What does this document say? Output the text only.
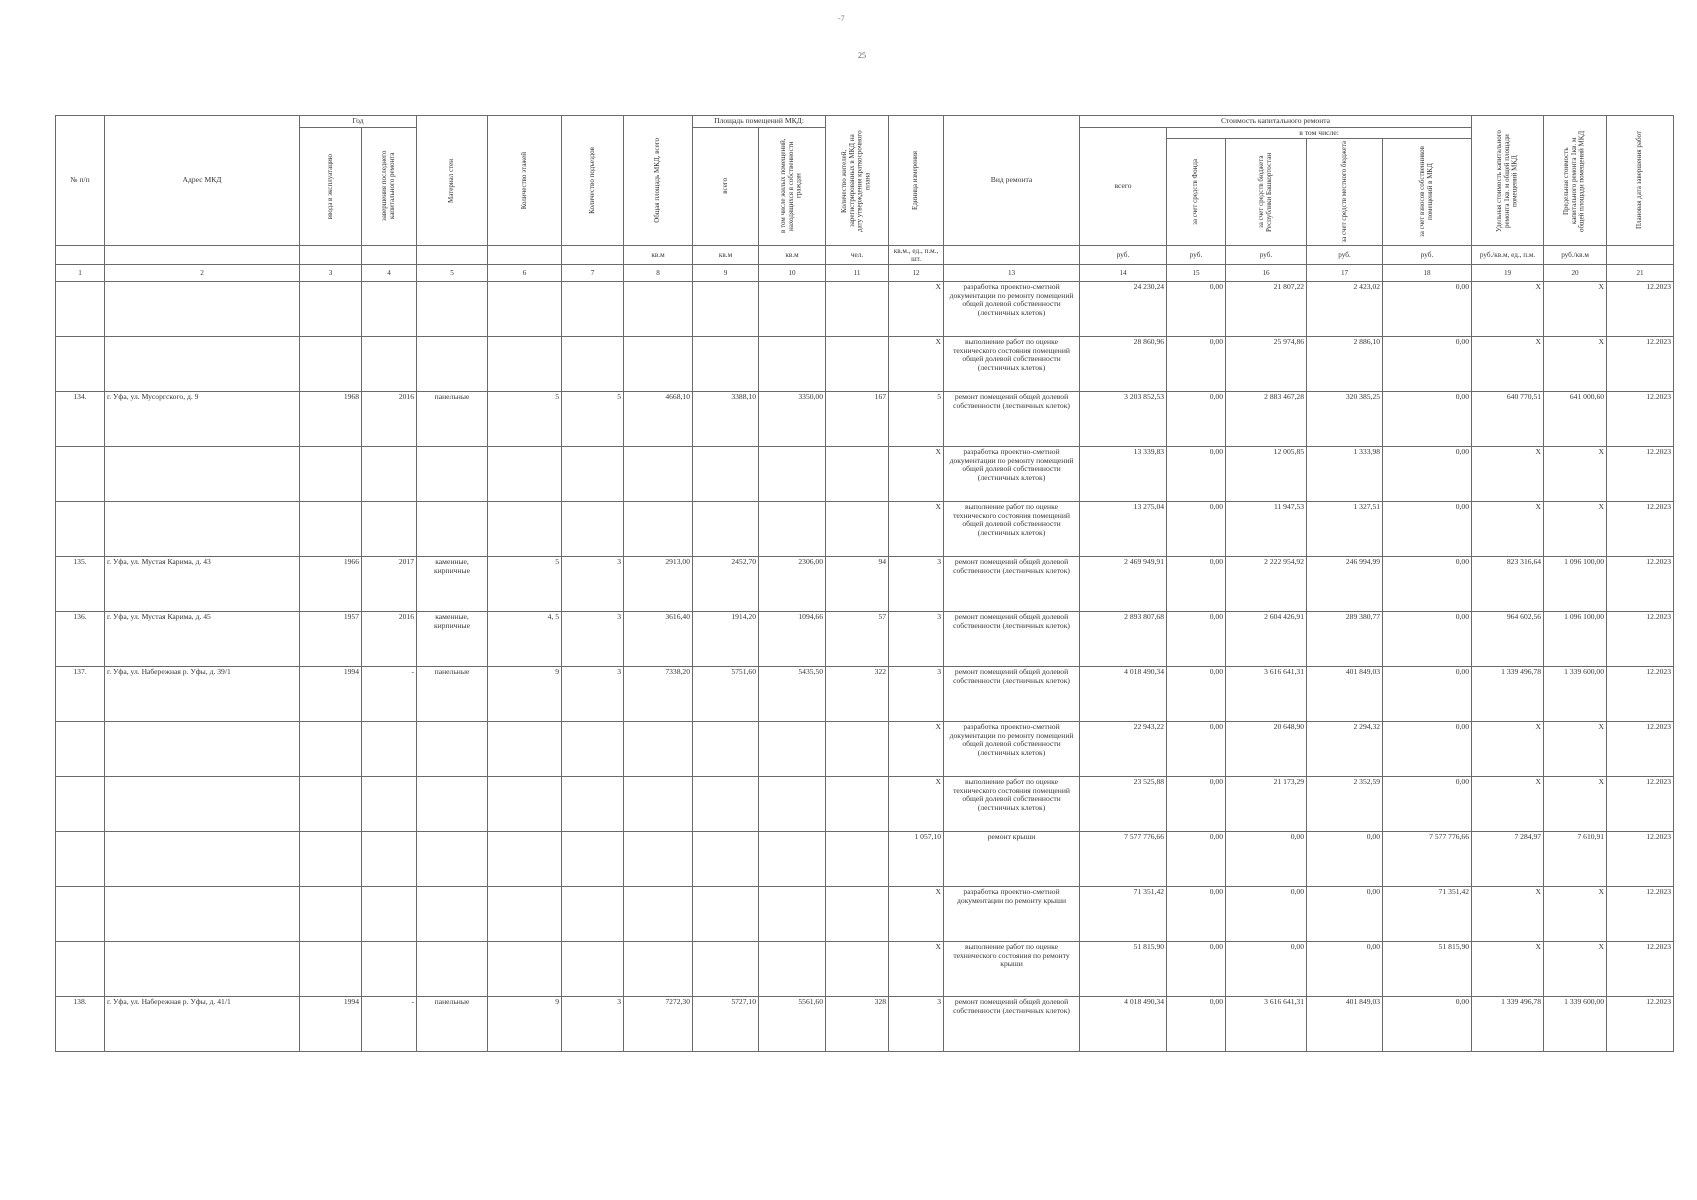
-7
25
№ п/п	Адрес МКД	Год		Материал стен	Количество этажей	Количество подъездов	Общая площадь МКД, всего	Площадь помещений МКД:		Количество жителей, зарегистрированных в МКД на дату утверждения краткосрочного плана	Единица измерения	Вид ремонта	Стоимость капитального ремонта					Удельная стоимость капитального ремонта 1кв. м общей площади помещений МКД	Предельная стоимость капитального ремонта 1кв. м общей площади помещений МКД	Плановая дата завершения работ

		ввода в эксплуатацию	завершения последнего капитального ремонта					всего	в том числе жилых помещений, находящихся в собственности граждан				всего	в том числе:						

														за счет средств Фонда	за счет средств бюджета Республики Башкортостан	за счет средств местного бюджета	за счет взносов собственников помещений в МКД			

							кв.м	кв.м	кв.м	чел.	кв.м., ед., п.м., шт.		руб.	руб.	руб.	руб.	руб.	руб./кв.м, ед., п.м.	руб./кв.м	
1	2	3	4	5	6	7	8	9	10	11	12	13	14	15	16	17	18	19	20	21
											X	разработка проектно-сметной документации по ремонту помещений общей долевой собственности (лестничных клеток)	24 230,24	0,00	21 807,22	2 423,02	0,00	X	X	12.2023
											X	выполнение работ по оценке технического состояния помещений общей долевой собственности (лестничных клеток)	28 860,96	0,00	25 974,86	2 886,10	0,00	X	X	12.2023
134.	г. Уфа, ул. Мусоргского, д. 9	1968	2016	панельные	5	5	4668,10	3388,10	3350,00	167	5	ремонт помещений общей долевой собственности (лестничных клеток)	3 203 852,53	0,00	2 883 467,28	320 385,25	0,00	640 770,51	641 000,60	12.2023
											X	разработка проектно-сметной документации по ремонту помещений общей долевой собственности (лестничных клеток)	13 339,83	0,00	12 005,85	1 333,98	0,00	X	X	12.2023
											X	выполнение работ по оценке технического состояния помещений общей долевой собственности (лестничных клеток)	13 275,04	0,00	11 947,53	1 327,51	0,00	X	X	12.2023
135.	г. Уфа, ул. Мустая Карима, д. 43	1966	2017	каменные, кирпичные	5	3	2913,00	2452,70	2306,00	94	3	ремонт помещений общей долевой собственности (лестничных клеток)	2 469 949,91	0,00	2 222 954,92	246 994,99	0,00	823 316,64	1 096 100,00	12.2023
136.	г. Уфа, ул. Мустая Карима, д. 45	1957	2016	каменные, кирпичные	4, 5	3	3616,40	1914,20	1094,66	57	3	ремонт помещений общей долевой собственности (лестничных клеток)	2 893 807,68	0,00	2 604 426,91	289 380,77	0,00	964 602,56	1 096 100,00	12.2023
137.	г. Уфа, ул. Набережная р. Уфы, д. 39/1	1994	-	панельные	9	3	7338,20	5751,60	5435,50	322	3	ремонт помещений общей долевой собственности (лестничных клеток)	4 018 490,34	0,00	3 616 641,31	401 849,03	0,00	1 339 496,78	1 339 600,00	12.2023
											X	разработка проектно-сметной документации по ремонту помещений общей долевой собственности (лестничных клеток)	22 943,22	0,00	20 648,90	2 294,32	0,00	X	X	12.2023
											X	выполнение работ по оценке технического состояния помещений общей долевой собственности (лестничных клеток)	23 525,88	0,00	21 173,29	2 352,59	0,00	X	X	12.2023
											1 057,10	ремонт крыши	7 577 776,66	0,00	0,00	0,00	7 577 776,66	7 284,97	7 610,91	12.2023
											X	разработка проектно-сметной документации по ремонту крыши	71 351,42	0,00	0,00	0,00	71 351,42	X	X	12.2023
											X	выполнение работ по оценке технического состояния по ремонту крыши	51 815,90	0,00	0,00	0,00	51 815,90	X	X	12.2023
138.	г. Уфа, ул. Набережная р. Уфы, д. 41/1	1994	-	панельные	9	3	7272,30	5727,10	5561,60	328	3	ремонт помещений общей долевой собственности (лестничных клеток)	4 018 490,34	0,00	3 616 641,31	401 849,03	0,00	1 339 496,78	1 339 600,00	12.2023
